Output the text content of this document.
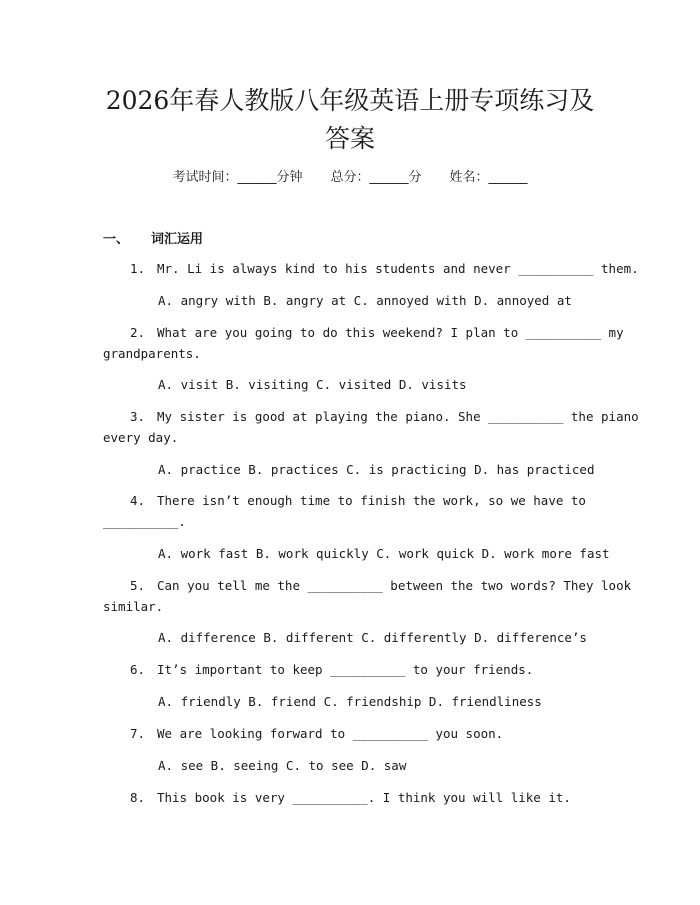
2026年春人教版八年级英语上册专项练习及
答案
考试时间：______分钟 总分：______分 姓名：______
一、 词汇运用
1. Mr. Li is always kind to his students and never __________ them.
A. angry with B. angry at C. annoyed with D. annoyed at
2. What are you going to do this weekend? I plan to __________ my
grandparents.
A. visit B. visiting C. visited D. visits
3. My sister is good at playing the piano. She __________ the piano
every day.
A. practice B. practices C. is practicing D. has practiced
4. There isn’t enough time to finish the work, so we have to
__________.
A. work fast B. work quickly C. work quick D. work more fast
5. Can you tell me the __________ between the two words? They look
similar.
A. difference B. different C. differently D. difference’s
6. It’s important to keep __________ to your friends.
A. friendly B. friend C. friendship D. friendliness
7. We are looking forward to __________ you soon.
A. see B. seeing C. to see D. saw
8. This book is very __________. I think you will like it.
